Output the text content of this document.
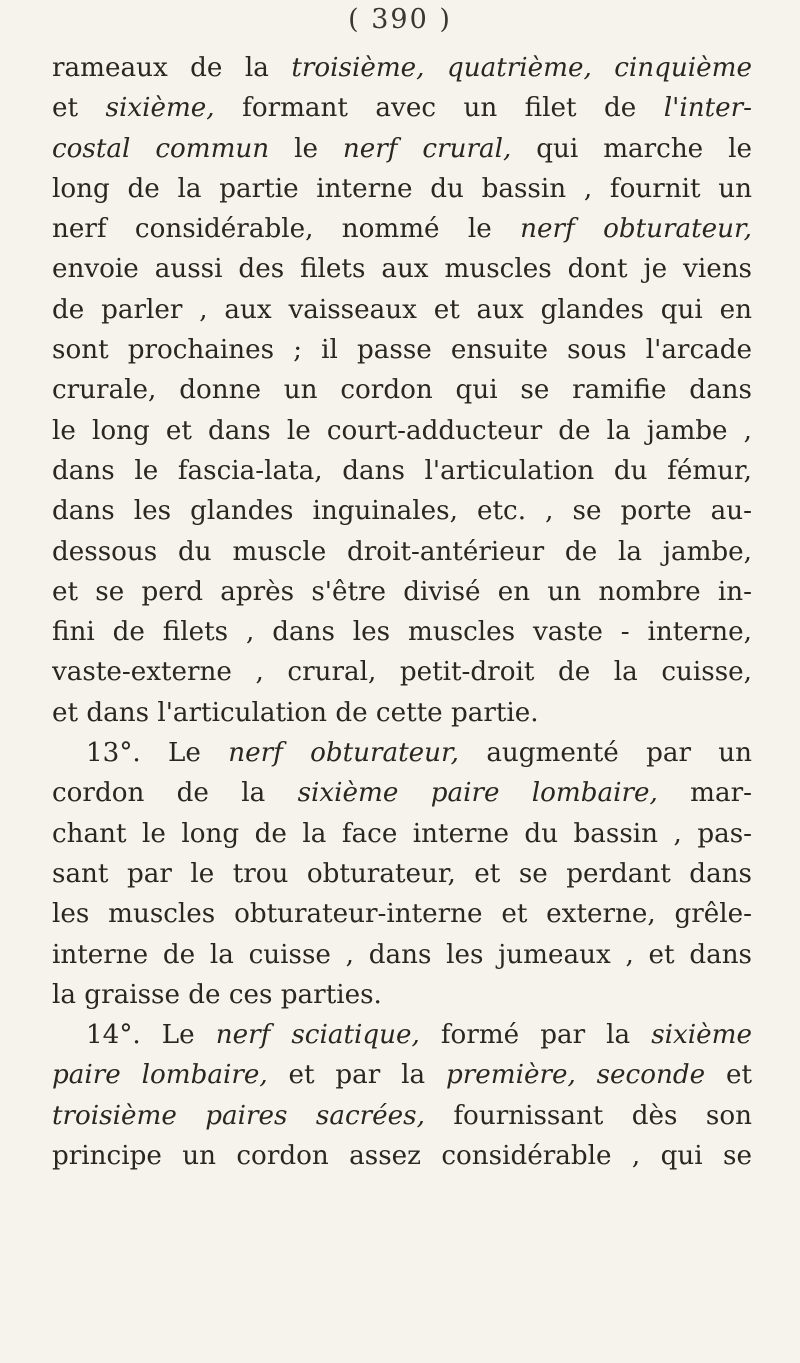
( 390 )
rameaux de la troisième, quatrième, cinquième
et sixième, formant avec un filet de l'inter-
costal commun le nerf crural, qui marche le
long de la partie interne du bassin , fournit un
nerf considérable, nommé le nerf obturateur,
envoie aussi des filets aux muscles dont je viens
de parler , aux vaisseaux et aux glandes qui en
sont prochaines ; il passe ensuite sous l'arcade
crurale, donne un cordon qui se ramifie dans
le long et dans le court-adducteur de la jambe ,
dans le fascia-lata, dans l'articulation du fémur,
dans les glandes inguinales, etc. , se porte au-
dessous du muscle droit-antérieur de la jambe,
et se perd après s'être divisé en un nombre in-
fini de filets , dans les muscles vaste - interne,
vaste-externe , crural, petit-droit de la cuisse,
et dans l'articulation de cette partie.
13°. Le nerf obturateur, augmenté par un
cordon de la sixième paire lombaire, mar-
chant le long de la face interne du bassin , pas-
sant par le trou obturateur, et se perdant dans
les muscles obturateur-interne et externe, grêle-
interne de la cuisse , dans les jumeaux , et dans
la graisse de ces parties.
14°. Le nerf sciatique, formé par la sixième
paire lombaire, et par la première, seconde et
troisième paires sacrées, fournissant dès son
principe un cordon assez considérable , qui se
